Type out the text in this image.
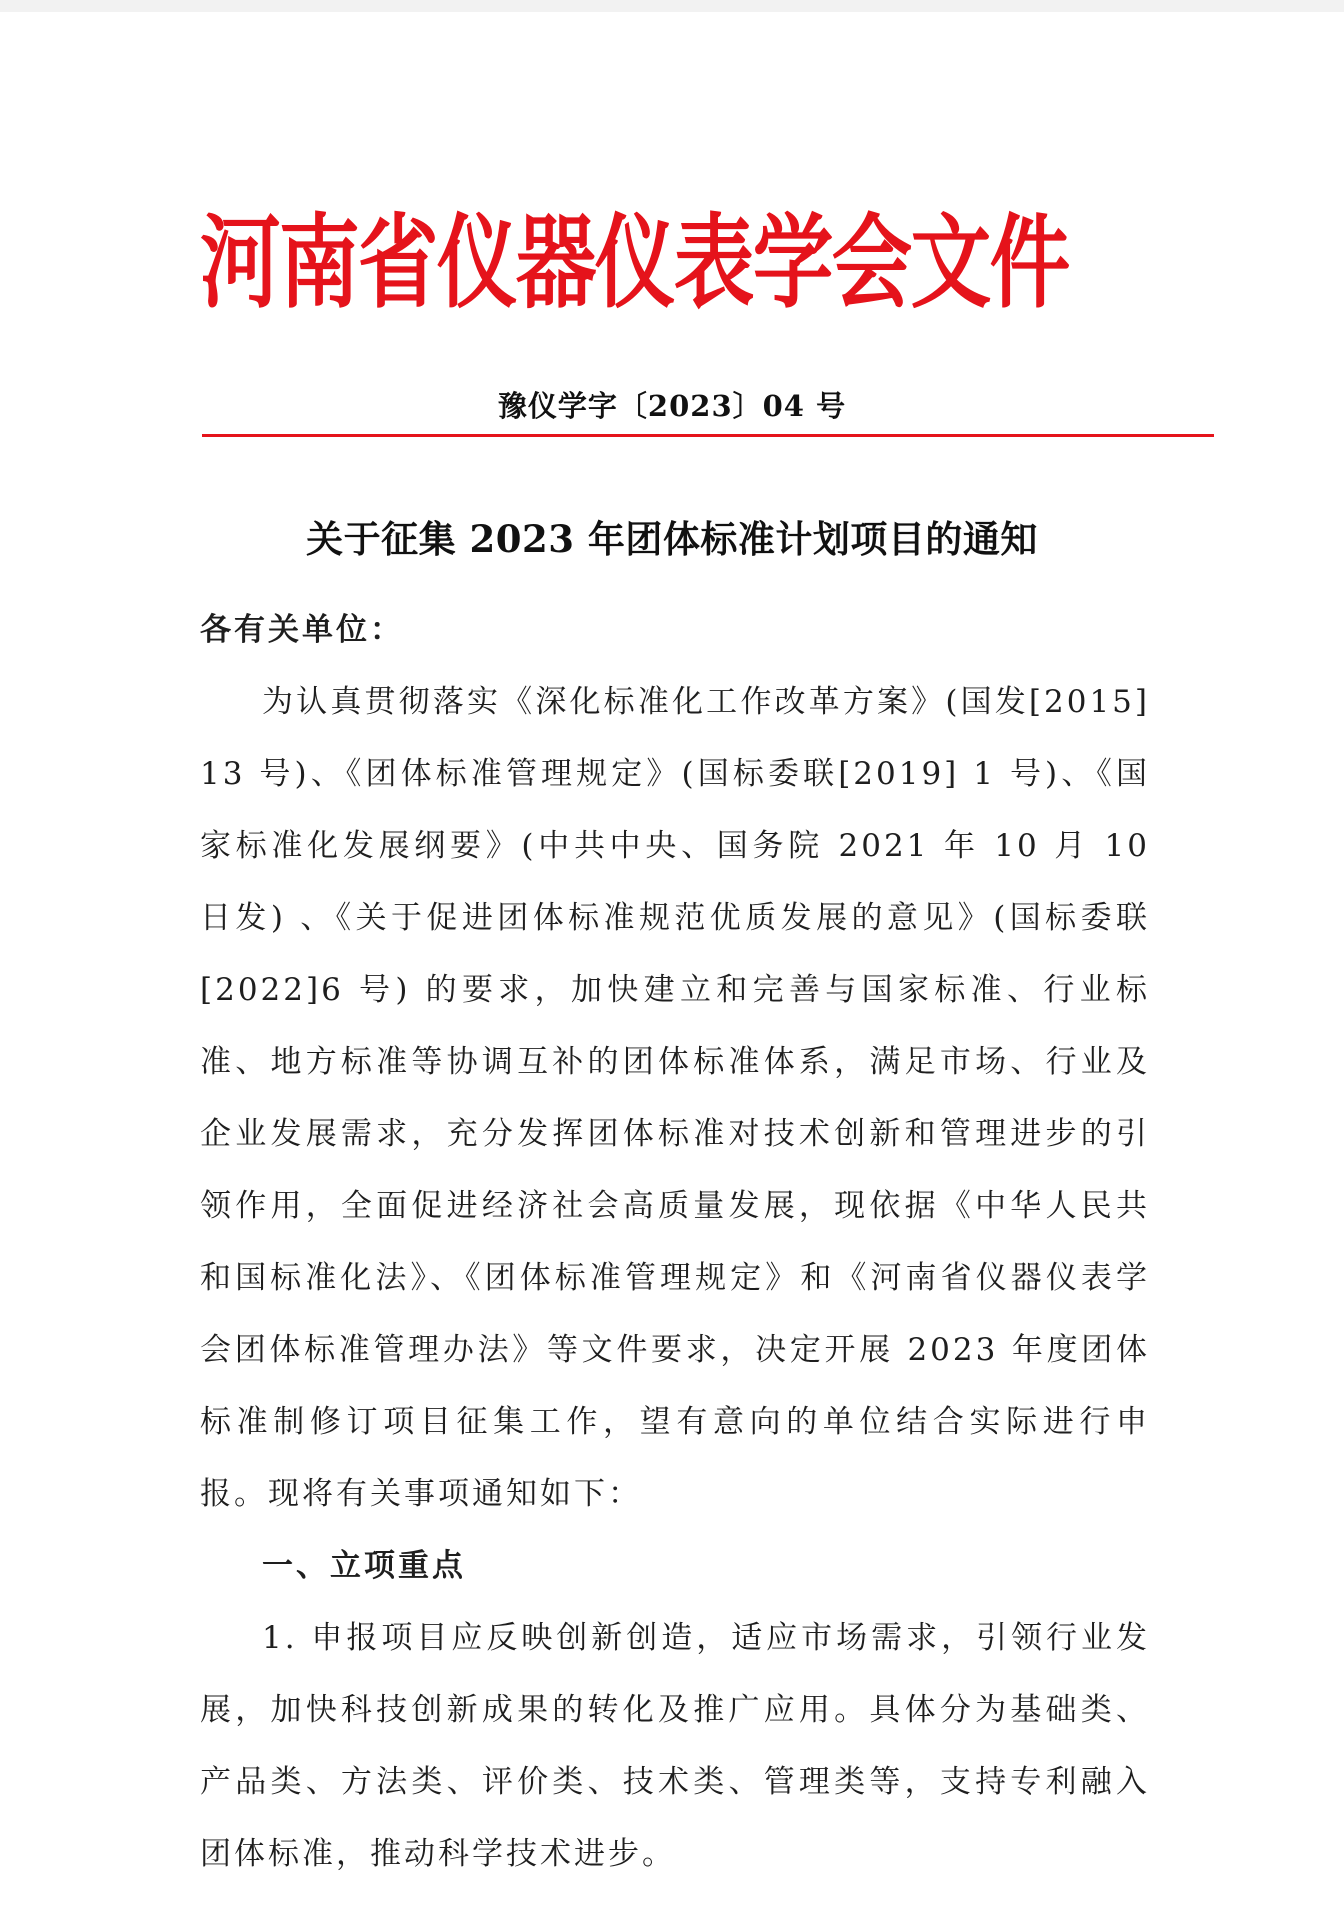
河南省仪器仪表学会文件
豫仪学字〔2023〕04 号
关于征集 2023 年团体标准计划项目的通知

各有关单位：

为认真贯彻落实《深化标准化工作改革方案》(国发[2015] 13 号)、《团体标准管理规定》(国标委联[2019] 1 号)、《国家标准化发展纲要》(中共中央、国务院 2021 年 10 月 10 日发) 、《关于促进团体标准规范优质发展的意见》(国标委联[2022]6 号) 的要求，加快建立和完善与国家标准、行业标准、地方标准等协调互补的团体标准体系，满足市场、行业及企业发展需求，充分发挥团体标准对技术创新和管理进步的引领作用，全面促进经济社会高质量发展，现依据《中华人民共和国标准化法》、《团体标准管理规定》和《河南省仪器仪表学会团体标准管理办法》等文件要求，决定开展 2023 年度团体标准制修订项目征集工作，望有意向的单位结合实际进行申报。现将有关事项通知如下：

一、立项重点

1. 申报项目应反映创新创造，适应市场需求，引领行业发展，加快科技创新成果的转化及推广应用。具体分为基础类、 产品类、方法类、评价类、技术类、管理类等，支持专利融入团体标准，推动科学技术进步。
